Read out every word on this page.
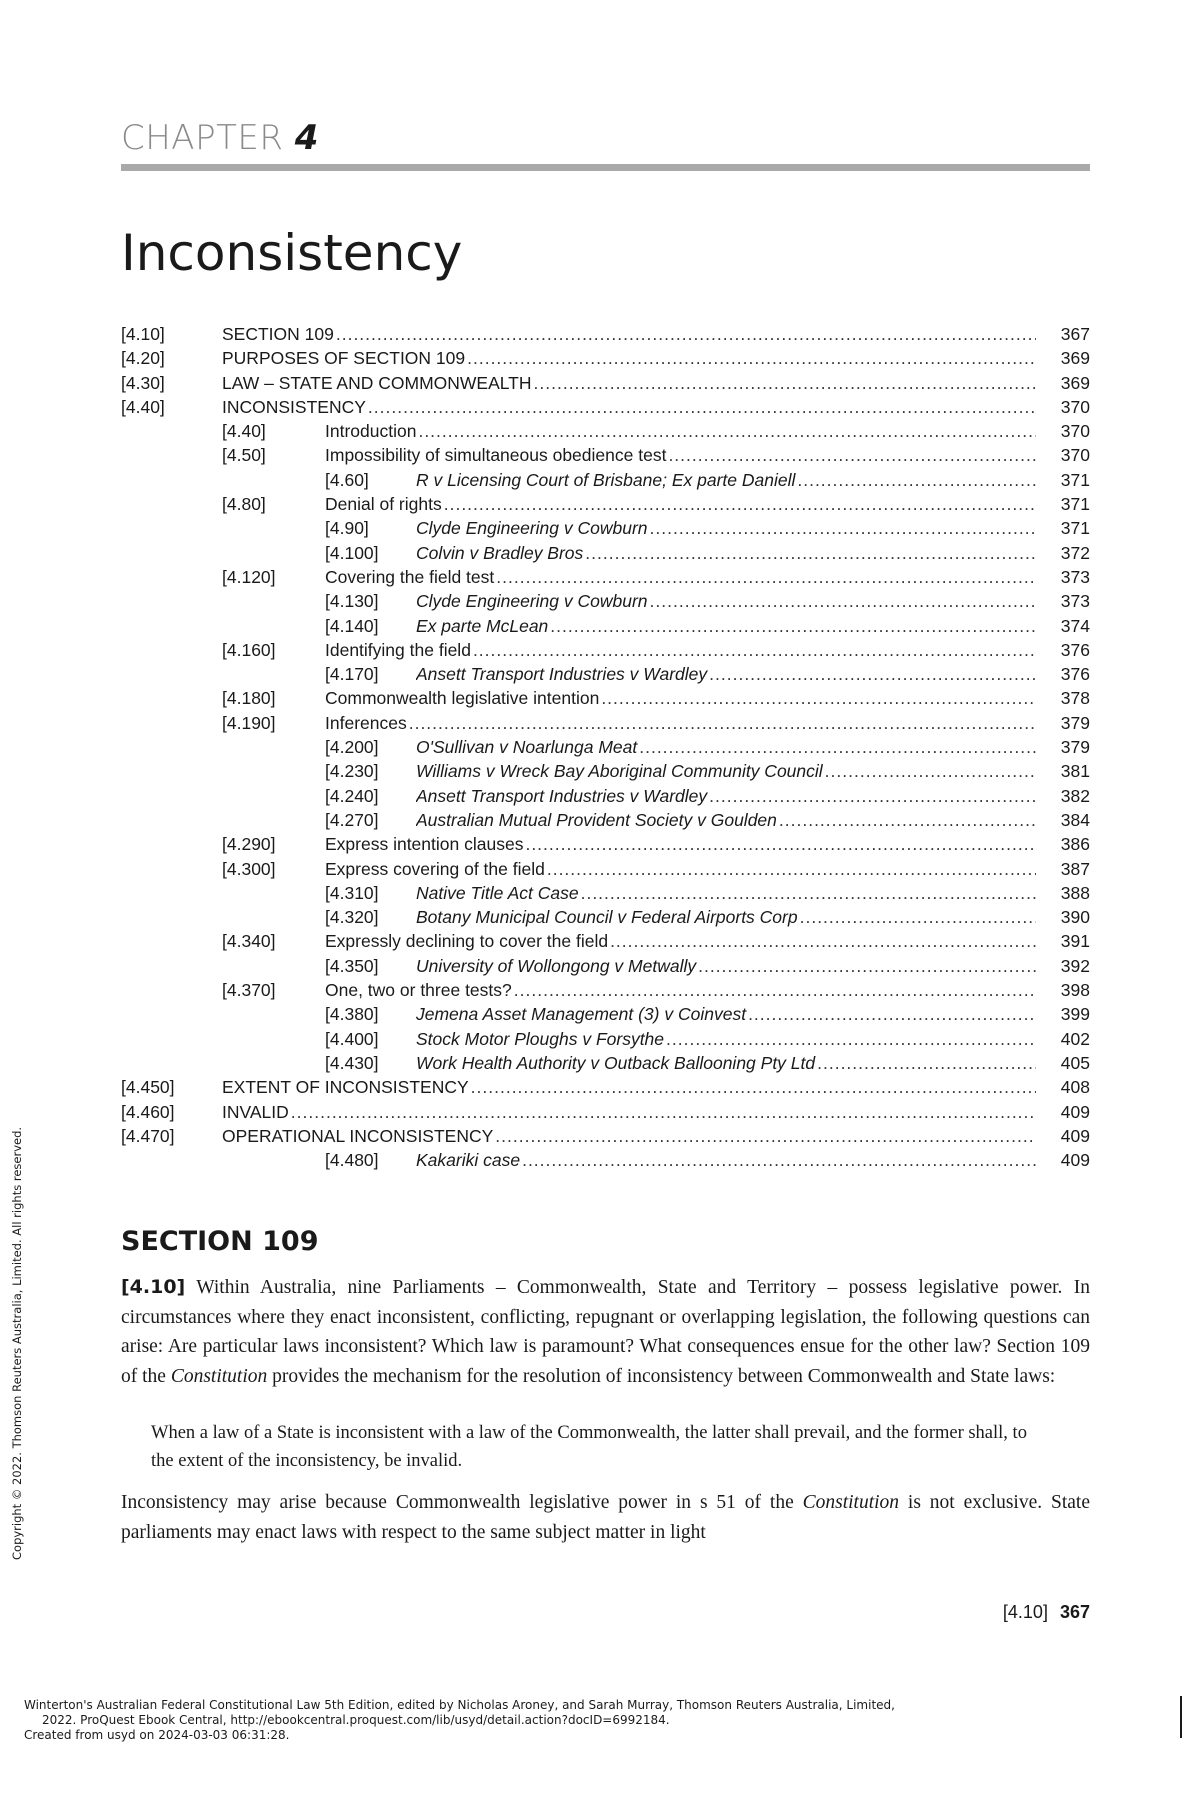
CHAPTER 4
Inconsistency
[4.10]	SECTION 109 .....	367
[4.20]	PURPOSES OF SECTION 109 .....	369
[4.30]	LAW – STATE AND COMMONWEALTH .....	369
[4.40]	INCONSISTENCY .....	370
[4.40]	Introduction .....	370
[4.50]	Impossibility of simultaneous obedience test .....	370
[4.60]	R v Licensing Court of Brisbane; Ex parte Daniell .....	371
[4.80]	Denial of rights .....	371
[4.90]	Clyde Engineering v Cowburn .....	371
[4.100] Colvin v Bradley Bros .....	372
[4.120]	Covering the field test .....	373
[4.130] Clyde Engineering v Cowburn .....	373
[4.140] Ex parte McLean .....	374
[4.160]	Identifying the field .....	376
[4.170] Ansett Transport Industries v Wardley .....	376
[4.180]	Commonwealth legislative intention .....	378
[4.190]	Inferences .....	379
[4.200] O'Sullivan v Noarlunga Meat .....	379
[4.230] Williams v Wreck Bay Aboriginal Community Council .....	381
[4.240] Ansett Transport Industries v Wardley .....	382
[4.270] Australian Mutual Provident Society v Goulden .....	384
[4.290]	Express intention clauses .....	386
[4.300]	Express covering of the field .....	387
[4.310] Native Title Act Case .....	388
[4.320] Botany Municipal Council v Federal Airports Corp .....	390
[4.340]	Expressly declining to cover the field .....	391
[4.350] University of Wollongong v Metwally .....	392
[4.370]	One, two or three tests? .....	398
[4.380] Jemena Asset Management (3) v Coinvest .....	399
[4.400] Stock Motor Ploughs v Forsythe .....	402
[4.430] Work Health Authority v Outback Ballooning Pty Ltd .....	405
[4.450]	EXTENT OF INCONSISTENCY .....	408
[4.460]	INVALID .....	409
[4.470]	OPERATIONAL INCONSISTENCY .....	409
[4.480] Kakariki case .....	409
SECTION 109
[4.10] Within Australia, nine Parliaments – Commonwealth, State and Territory – possess legislative power. In circumstances where they enact inconsistent, conflicting, repugnant or overlapping legislation, the following questions can arise: Are particular laws inconsistent? Which law is paramount? What consequences ensue for the other law? Section 109 of the Constitution provides the mechanism for the resolution of inconsistency between Commonwealth and State laws:
When a law of a State is inconsistent with a law of the Commonwealth, the latter shall prevail, and the former shall, to the extent of the inconsistency, be invalid.
Inconsistency may arise because Commonwealth legislative power in s 51 of the Constitution is not exclusive. State parliaments may enact laws with respect to the same subject matter in light
[4.10] 367
Copyright © 2022. Thomson Reuters Australia, Limited. All rights reserved.
Winterton's Australian Federal Constitutional Law 5th Edition, edited by Nicholas Aroney, and Sarah Murray, Thomson Reuters Australia, Limited,
2022. ProQuest Ebook Central, http://ebookcentral.proquest.com/lib/usyd/detail.action?docID=6992184.
Created from usyd on 2024-03-03 06:31:28.
